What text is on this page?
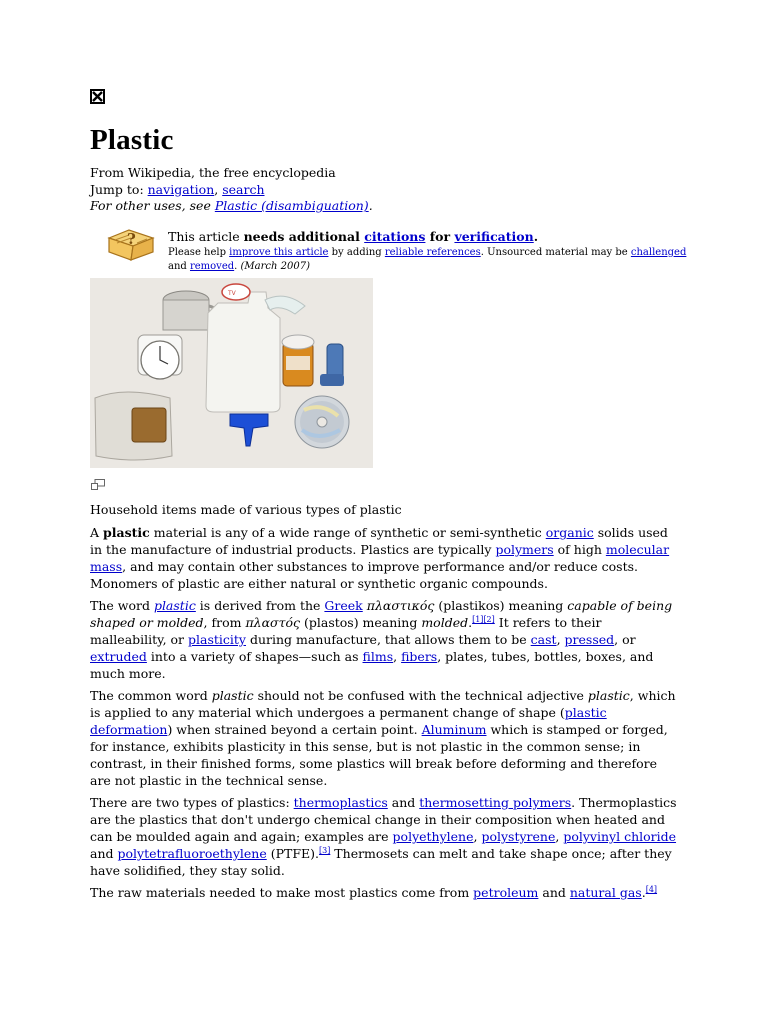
Plastic
From Wikipedia, the free encyclopedia
Jump to: navigation, search
For other uses, see Plastic (disambiguation).
?	This article needs additional citations for verification.
Please help improve this article by adding reliable references. Unsourced material may be challenged and removed. (March 2007)
TV
Household items made of various types of plastic

A plastic material is any of a wide range of synthetic or semi-synthetic organic solids used in the manufacture of industrial products. Plastics are typically polymers of high molecular mass, and may contain other substances to improve performance and/or reduce costs. Monomers of plastic are either natural or synthetic organic compounds.

The word plastic is derived from the Greek πλαστικός (plastikos) meaning capable of being shaped or molded, from πλαστός (plastos) meaning molded.[1][2] It refers to their malleability, or plasticity during manufacture, that allows them to be cast, pressed, or extruded into a variety of shapes—such as films, fibers, plates, tubes, bottles, boxes, and much more.

The common word plastic should not be confused with the technical adjective plastic, which is applied to any material which undergoes a permanent change of shape (plastic deformation) when strained beyond a certain point. Aluminum which is stamped or forged, for instance, exhibits plasticity in this sense, but is not plastic in the common sense; in contrast, in their finished forms, some plastics will break before deforming and therefore are not plastic in the technical sense.

There are two types of plastics: thermoplastics and thermosetting polymers. Thermoplastics are the plastics that don't undergo chemical change in their composition when heated and can be moulded again and again; examples are polyethylene, polystyrene, polyvinyl chloride and polytetrafluoroethylene (PTFE).[3] Thermosets can melt and take shape once; after they have solidified, they stay solid.

The raw materials needed to make most plastics come from petroleum and natural gas.[4]
